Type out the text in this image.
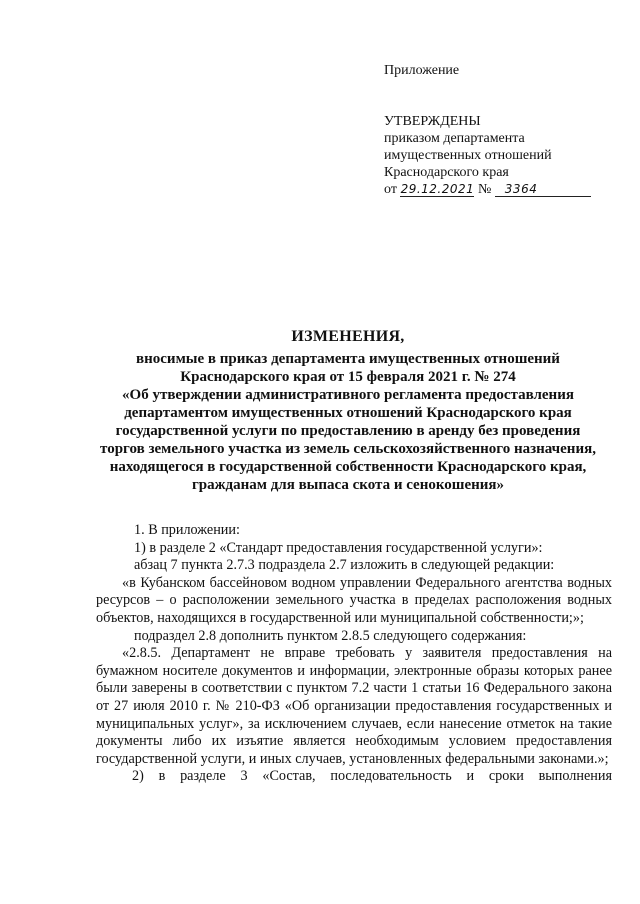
Приложение
УТВЕРЖДЕНЫ
приказом департамента
имущественных отношений
Краснодарского края
от 29.12.2021 № 3364
ИЗМЕНЕНИЯ,
вносимые в приказ департамента имущественных отношений
Краснодарского края от 15 февраля 2021 г. № 274
«Об утверждении административного регламента предоставления
департаментом имущественных отношений Краснодарского края
государственной услуги по предоставлению в аренду без проведения
торгов земельного участка из земель сельскохозяйственного назначения,
находящегося в государственной собственности Краснодарского края,
гражданам для выпаса скота и сенокошения»

1. В приложении:

1) в разделе 2 «Стандарт предоставления государственной услуги»:

абзац 7 пункта 2.7.3 подраздела 2.7 изложить в следующей редакции:

«в Кубанском бассейновом водном управлении Федерального агентства водных ресурсов – о расположении земельного участка в пределах расположения водных объектов, находящихся в государственной или муниципальной собственности;»;

подраздел 2.8 дополнить пунктом 2.8.5 следующего содержания:

«2.8.5. Департамент не вправе требовать у заявителя предоставления на бумажном носителе документов и информации, электронные образы которых ранее были заверены в соответствии с пунктом 7.2 части 1 статьи 16 Федерального закона от 27 июля 2010 г. № 210-ФЗ «Об организации предоставления государственных и муниципальных услуг», за исключением случаев, если нанесение отметок на такие документы либо их изъятие является необходимым условием предоставления государственной услуги, и иных случаев, установленных федеральными законами.»;

2) в разделе 3 «Состав, последовательность и сроки выполнения
